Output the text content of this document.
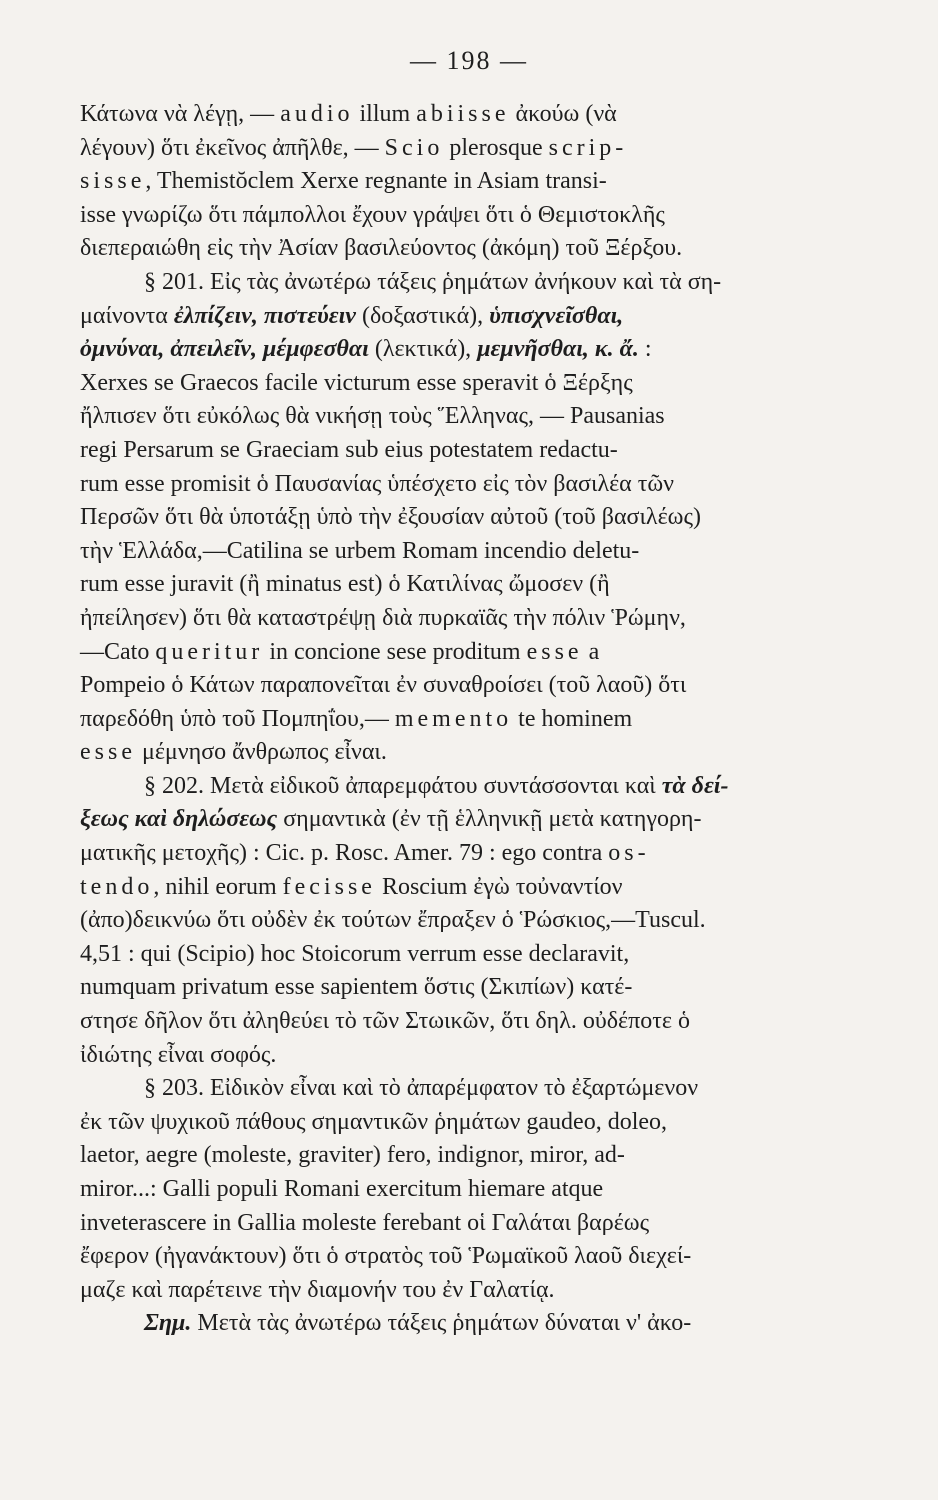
— 198 —
Κάτωνα νὰ λέγῃ, — audio illum abiisse ἀκούω (νὰ
λέγουν) ὅτι ἐκεῖνος ἀπῆλθε, — Scio plerosque scrip-
sisse, Themistŏclem Xerxe regnante in Asiam transi-
isse γνωρίζω ὅτι πάμπολλοι ἔχουν γράψει ὅτι ὁ Θεμιστοκλῆς
διεπεραιώθη εἰς τὴν Ἀσίαν βασιλεύοντος (ἀκόμη) τοῦ Ξέρξου.
§ 201. Εἰς τὰς ἀνωτέρω τάξεις ῥημάτων ἀνήκουν καὶ τὰ ση-
μαίνοντα ἐλπίζειν, πιστεύειν (δοξαστικά), ὑπισχνεῖσθαι,
ὀμνύναι, ἀπειλεῖν, μέμφεσθαι (λεκτικά), μεμνῆσθαι, κ. ἄ. :
Xerxes se Graecos facile victurum esse speravit ὁ Ξέρξης
ἤλπισεν ὅτι εὐκόλως θὰ νικήσῃ τοὺς Ἕλληνας, — Pausanias
regi Persarum se Graeciam sub eius potestatem redactu-
rum esse promisit ὁ Παυσανίας ὑπέσχετο εἰς τὸν βασιλέα τῶν
Περσῶν ὅτι θὰ ὑποτάξῃ ὑπὸ τὴν ἐξουσίαν αὐτοῦ (τοῦ βασιλέως)
τὴν Ἑλλάδα,—Catilina se urbem Romam incendio deletu-
rum esse juravit (ἢ minatus est) ὁ Κατιλίνας ὤμοσεν (ἢ
ἠπείλησεν) ὅτι θὰ καταστρέψῃ διὰ πυρκαϊᾶς τὴν πόλιν Ῥώμην,
—Cato queritur in concione sese proditum esse a
Pompeio ὁ Κάτων παραπονεῖται ἐν συναθροίσει (τοῦ λαοῦ) ὅτι
παρεδόθη ὑπὸ τοῦ Πομπηΐου,— memento te hominem
esse μέμνησο ἄνθρωπος εἶναι.
§ 202. Μετὰ εἰδικοῦ ἀπαρεμφάτου συντάσσονται καὶ τὰ δεί-
ξεως καὶ δηλώσεως σημαντικὰ (ἐν τῇ ἑλληνικῇ μετὰ κατηγορη-
ματικῆς μετοχῆς) : Cic. p. Rosc. Amer. 79 : ego contra os-
tendo, nihil eorum fecisse Roscium ἐγὼ τοὐναντίον
(ἀπο)δεικνύω ὅτι οὐδὲν ἐκ τούτων ἔπραξεν ὁ Ῥώσκιος,—Tuscul.
4,51 : qui (Scipio) hoc Stoicorum verrum esse declaravit,
numquam privatum esse sapientem ὅστις (Σκιπίων) κατέ-
στησε δῆλον ὅτι ἀληθεύει τὸ τῶν Στωικῶν, ὅτι δηλ. οὐδέποτε ὁ
ἰδιώτης εἶναι σοφός.
§ 203. Εἰδικὸν εἶναι καὶ τὸ ἀπαρέμφατον τὸ ἐξαρτώμενον
ἐκ τῶν ψυχικοῦ πάθους σημαντικῶν ῥημάτων gaudeo, doleo,
laetor, aegre (moleste, graviter) fero, indignor, miror, ad-
miror...: Galli populi Romani exercitum hiemare atque
inveterascere in Gallia moleste ferebant οἱ Γαλάται βαρέως
ἔφερον (ἠγανάκτουν) ὅτι ὁ στρατὸς τοῦ Ῥωμαϊκοῦ λαοῦ διεχεί-
μαζε καὶ παρέτεινε τὴν διαμονήν του ἐν Γαλατίᾳ.
Σημ. Μετὰ τὰς ἀνωτέρω τάξεις ῥημάτων δύναται ν' ἀκο-
